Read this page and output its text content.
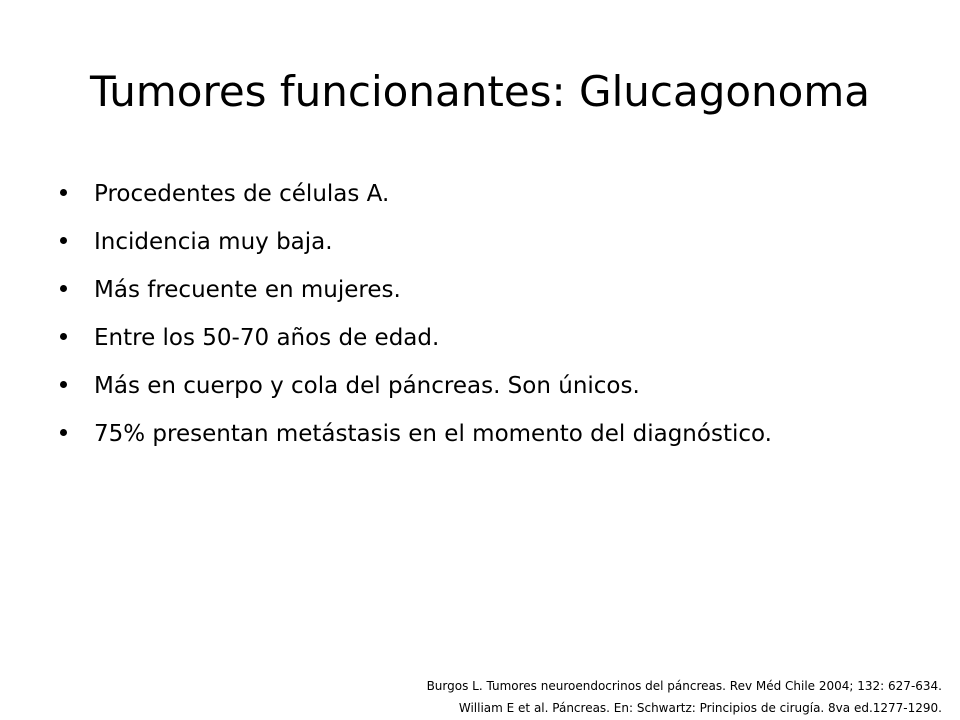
Tumores funcionantes: Glucagonoma
Procedentes de células A.
Incidencia muy baja.
Más frecuente en mujeres.
Entre los 50-70 años de edad.
Más en cuerpo y cola del páncreas. Son únicos.
75% presentan metástasis en el momento del diagnóstico.
Burgos L. Tumores neuroendocrinos del páncreas. Rev Méd Chile 2004; 132: 627-634.
William E et al. Páncreas. En: Schwartz: Principios de cirugía. 8va ed.1277-1290.
